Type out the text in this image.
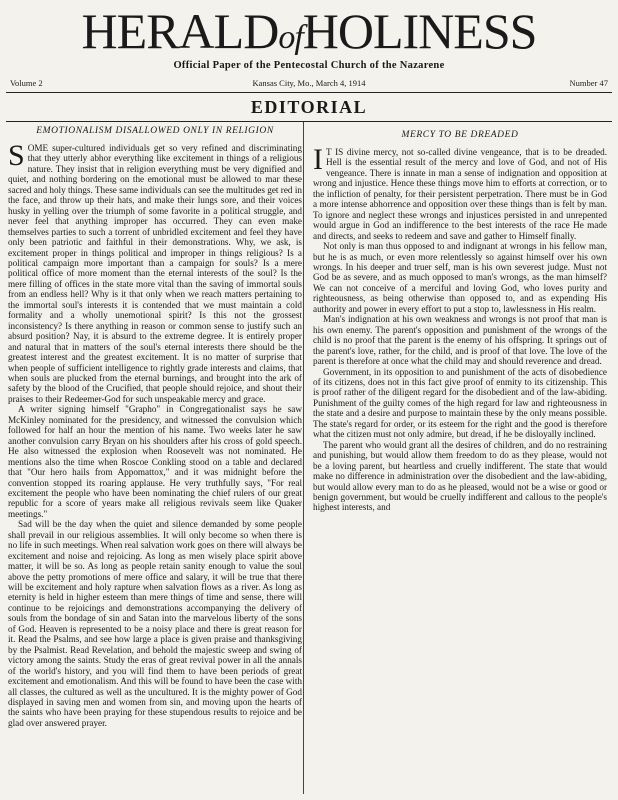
HERALDofHOLINESS
Official Paper of the Pentecostal Church of the Nazarene
Volume 2	Kansas City, Mo., March 4, 1914	Number 47
EDITORIAL
EMOTIONALISM DISALLOWED ONLY IN RELIGION

SOME super-cultured individuals get so very refined and discriminating that they utterly abhor everything like excitement in things of a religious nature. They insist that in religion everything must be very dignified and quiet, and nothing bordering on the emotional must be allowed to mar these sacred and holy things. These same individuals can see the multitudes get red in the face, and throw up their hats, and make their lungs sore, and their voices husky in yelling over the triumph of some favorite in a political struggle, and never feel that anything improper has occurred. They can even make themselves parties to such a torrent of unbridled excitement and feel they have only been patriotic and faithful in their demonstrations. Why, we ask, is excitement proper in things political and improper in things religious? Is a political campaign more important than a campaign for souls? Is a mere political office of more moment than the eternal interests of the soul? Is the mere filling of offices in the state more vital than the saving of immortal souls from an endless hell? Why is it that only when we reach matters pertaining to the immortal soul's interests it is contended that we must maintain a cold formality and a wholly unemotional spirit? Is this not the grossest inconsistency? Is there anything in reason or common sense to justify such an absurd position? Nay, it is absurd to the extreme degree. It is entirely proper and natural that in matters of the soul's eternal interests there should be the greatest interest and the greatest excitement. It is no matter of surprise that when people of sufficient intelligence to rightly grade interests and claims, that when souls are plucked from the eternal burnings, and brought into the ark of safety by the blood of the Crucified, that people should rejoice, and shout their praises to their Redeemer-God for such unspeakable mercy and grace.

A writer signing himself "Grapho" in Congregationalist says he saw McKinley nominated for the presidency, and witnessed the convulsion which followed for half an hour the mention of his name. Two weeks later he saw another convulsion carry Bryan on his shoulders after his cross of gold speech. He also witnessed the explosion when Roosevelt was not nominated. He mentions also the time when Roscoe Conkling stood on a table and declared that "Our hero hails from Appomattox," and it was midnight before the convention stopped its roaring applause. He very truthfully says, "For real excitement the people who have been nominating the chief rulers of our great republic for a score of years make all religious revivals seem like Quaker meetings."

Sad will be the day when the quiet and silence demanded by some people shall prevail in our religious assemblies. It will only become so when there is no life in such meetings. When real salvation work goes on there will always be excitement and noise and rejoicing. As long as men wisely place spirit above matter, it will be so. As long as people retain sanity enough to value the soul above the petty promotions of mere office and salary, it will be true that there will be excitement and holy rapture when salvation flows as a river. As long as eternity is held in higher esteem than mere things of time and sense, there will continue to be rejoicings and demonstrations accompanying the delivery of souls from the bondage of sin and Satan into the marvelous liberty of the sons of God. Heaven is represented to be a noisy place and there is great reason for it. Read the Psalms, and see how large a place is given praise and thanksgiving by the Psalmist. Read Revelation, and behold the majestic sweep and swing of victory among the saints. Study the eras of great revival power in all the annals of the world's history, and you will find them to have been periods of great excitement and emotionalism. And this will be found to have been the case with all classes, the cultured as well as the uncultured. It is the mighty power of God displayed in saving men and women from sin, and moving upon the hearts of the saints who have been praying for these stupendous results to rejoice and be glad over answered prayer.

MERCY TO BE DREADED

I T IS divine mercy, not so-called divine vengeance, that is to be dreaded. Hell is the essential result of the mercy and love of God, and not of His vengeance. There is innate in man a sense of indignation and opposition at wrong and injustice. Hence these things move him to efforts at correction, or to the infliction of penalty, for their persistent perpetration. There must be in God a more intense abhorrence and opposition over these things than is felt by man. To ignore and neglect these wrongs and injustices persisted in and unrepented would argue in God an indifference to the best interests of the race He made and directs, and seeks to redeem and save and gather to Himself finally.

Not only is man thus opposed to and indignant at wrongs in his fellow man, but he is as much, or even more relentlessly so against himself over his own wrongs. In his deeper and truer self, man is his own severest judge. Must not God be as severe, and as much opposed to man's wrongs, as the man himself? We can not conceive of a merciful and loving God, who loves purity and righteousness, as being otherwise than opposed to, and as expending His authority and power in every effort to put a stop to, lawlessness in His realm.

Man's indignation at his own weakness and wrongs is not proof that man is his own enemy. The parent's opposition and punishment of the wrongs of the child is no proof that the parent is the enemy of his offspring. It springs out of the parent's love, rather, for the child, and is proof of that love. The love of the parent is therefore at once what the child may and should reverence and dread.

Government, in its opposition to and punishment of the acts of disobedience of its citizens, does not in this fact give proof of enmity to its citizenship. This is proof rather of the diligent regard for the disobedient and of the law-abiding. Punishment of the guilty comes of the high regard for law and righteousness in the state and a desire and purpose to maintain these by the only means possible. The state's regard for order, or its esteem for the right and the good is therefore what the citizen must not only admire, but dread, if he be disloyally inclined.

The parent who would grant all the desires of children, and do no restraining and punishing, but would allow them freedom to do as they please, would not be a loving parent, but heartless and cruelly indifferent. The state that would make no difference in administration over the disobedient and the law-abiding, but would allow every man to do as he pleased, would not be a wise or good or benign government, but would be cruelly indifferent and callous to the people's highest interests, and
